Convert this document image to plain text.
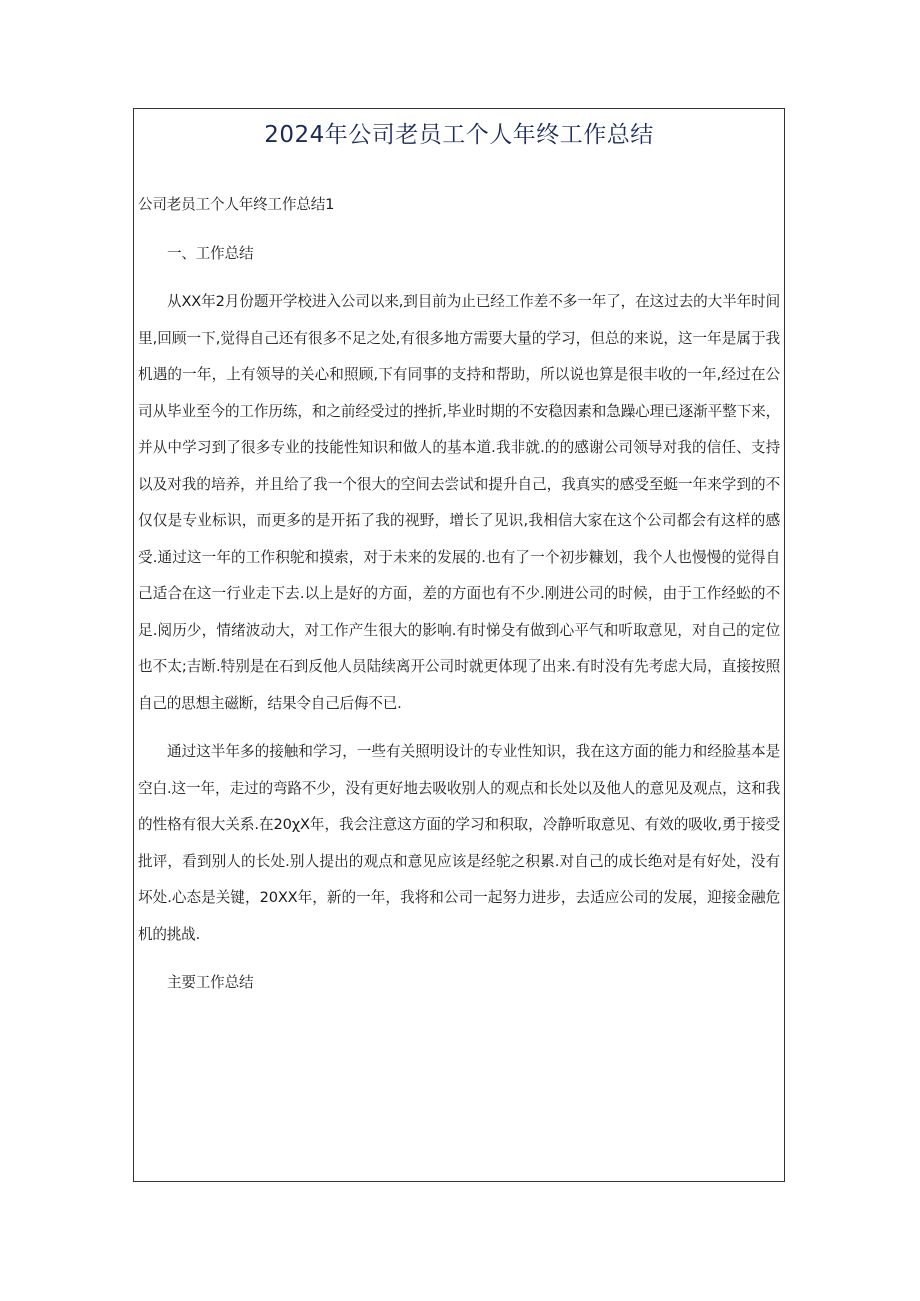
2024年公司老员工个人年终工作总结

公司老员工个人年终工作总结1

一、工作总结

从XX年2月份题开学校进入公司以来,到目前为止已经工作差不多一年了，在这过去的大半年时间里,回顾一下,觉得自己还有很多不足之处,有很多地方需要大量的学习，但总的来说，这一年是属于我机遇的一年，上有领导的关心和照顾,下有同事的支持和帮助，所以说也算是很丰收的一年,经过在公司从毕业至今的工作历练，和之前经受过的挫折,毕业时期的不安稳因素和急躁心理已逐渐平整下来，并从中学习到了很多专业的技能性知识和做人的基本道.我非就.的的感谢公司领导对我的信任、支持以及对我的培养，并且给了我一个很大的空间去尝试和提升自己，我真实的感受至蜓一年来学到的不仅仅是专业标识，而更多的是开拓了我的视野，增长了见识,我相信大家在这个公司都会有这样的感受.通过这一年的工作积鸵和摸索，对于未来的发展的.也有了一个初步糠划，我个人也慢慢的觉得自己适合在这一行业走下去.以上是好的方面，差的方面也有不少.刚进公司的时候，由于工作经蚣的不足.阅历少，情绪波动大，对工作产生很大的影响.有时悌殳有做到心平气和听取意见，对自己的定位也不太;吉断.特别是在石到反他人员陆续离开公司时就更体现了出来.有时没有先考虑大局，直接按照自己的思想主磁断，结果令自己后侮不已.

通过这半年多的接触和学习，一些有关照明设计的专业性知识，我在这方面的能力和经脸基本是空白.这一年，走过的弯路不少，没有更好地去吸收别人的观点和长处以及他人的意见及观点，这和我的性格有很大关系.在20χX年，我会注意这方面的学习和积取，冷静听取意见、有效的吸收,勇于接受批评，看到别人的长处.别人提出的观点和意见应该是经鸵之积累.对自己的成长绝对是有好处，没有坏处.心态是关键，20XX年，新的一年，我将和公司一起努力进步，去适应公司的发展，迎接金融危机的挑战.

主要工作总结
